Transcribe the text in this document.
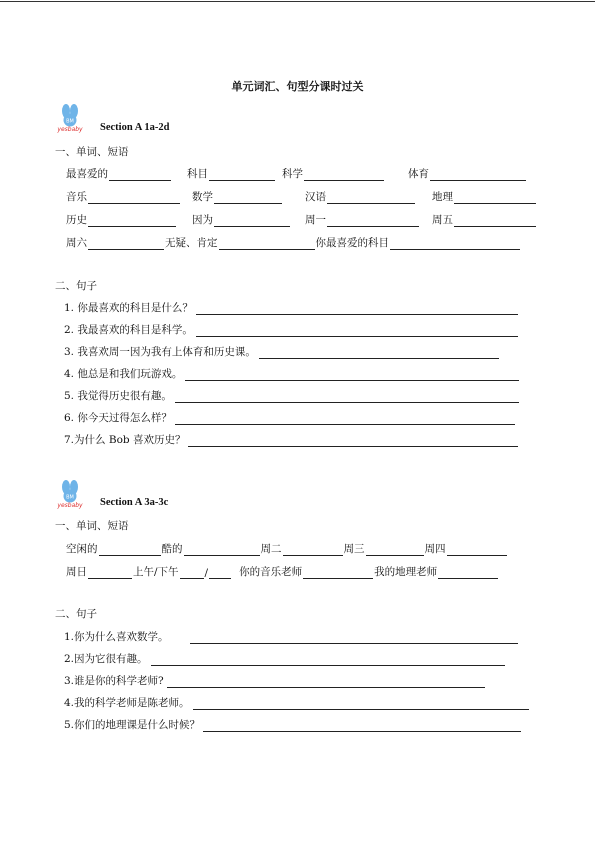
单元词汇、句型分课时过关
BM
yesbaby Section A 1a-2d
一、单词、短语
最喜爱的	科目	科学	体育
音乐	数学	汉语	地理
历史	因为	周一	周五
周六	无疑、肯定	你最喜爱的科目
二、句子
1. 你最喜欢的科目是什么？
2. 我最喜欢的科目是科学。
3. 我喜欢周一因为我有上体育和历史课。
4. 他总是和我们玩游戏。
5. 我觉得历史很有趣。
6. 你今天过得怎么样？
7.为什么 Bob 喜欢历史？
BM
yesbaby Section A 3a-3c
一、单词、短语
空闲的	酷的	周二	周三	周四
周日	上午/下午 /	你的音乐老师	我的地理老师
二、句子
1.你为什么喜欢数学。
2.因为它很有趣。
3.谁是你的科学老师?
4.我的科学老师是陈老师。
5.你们的地理课是什么时候？
